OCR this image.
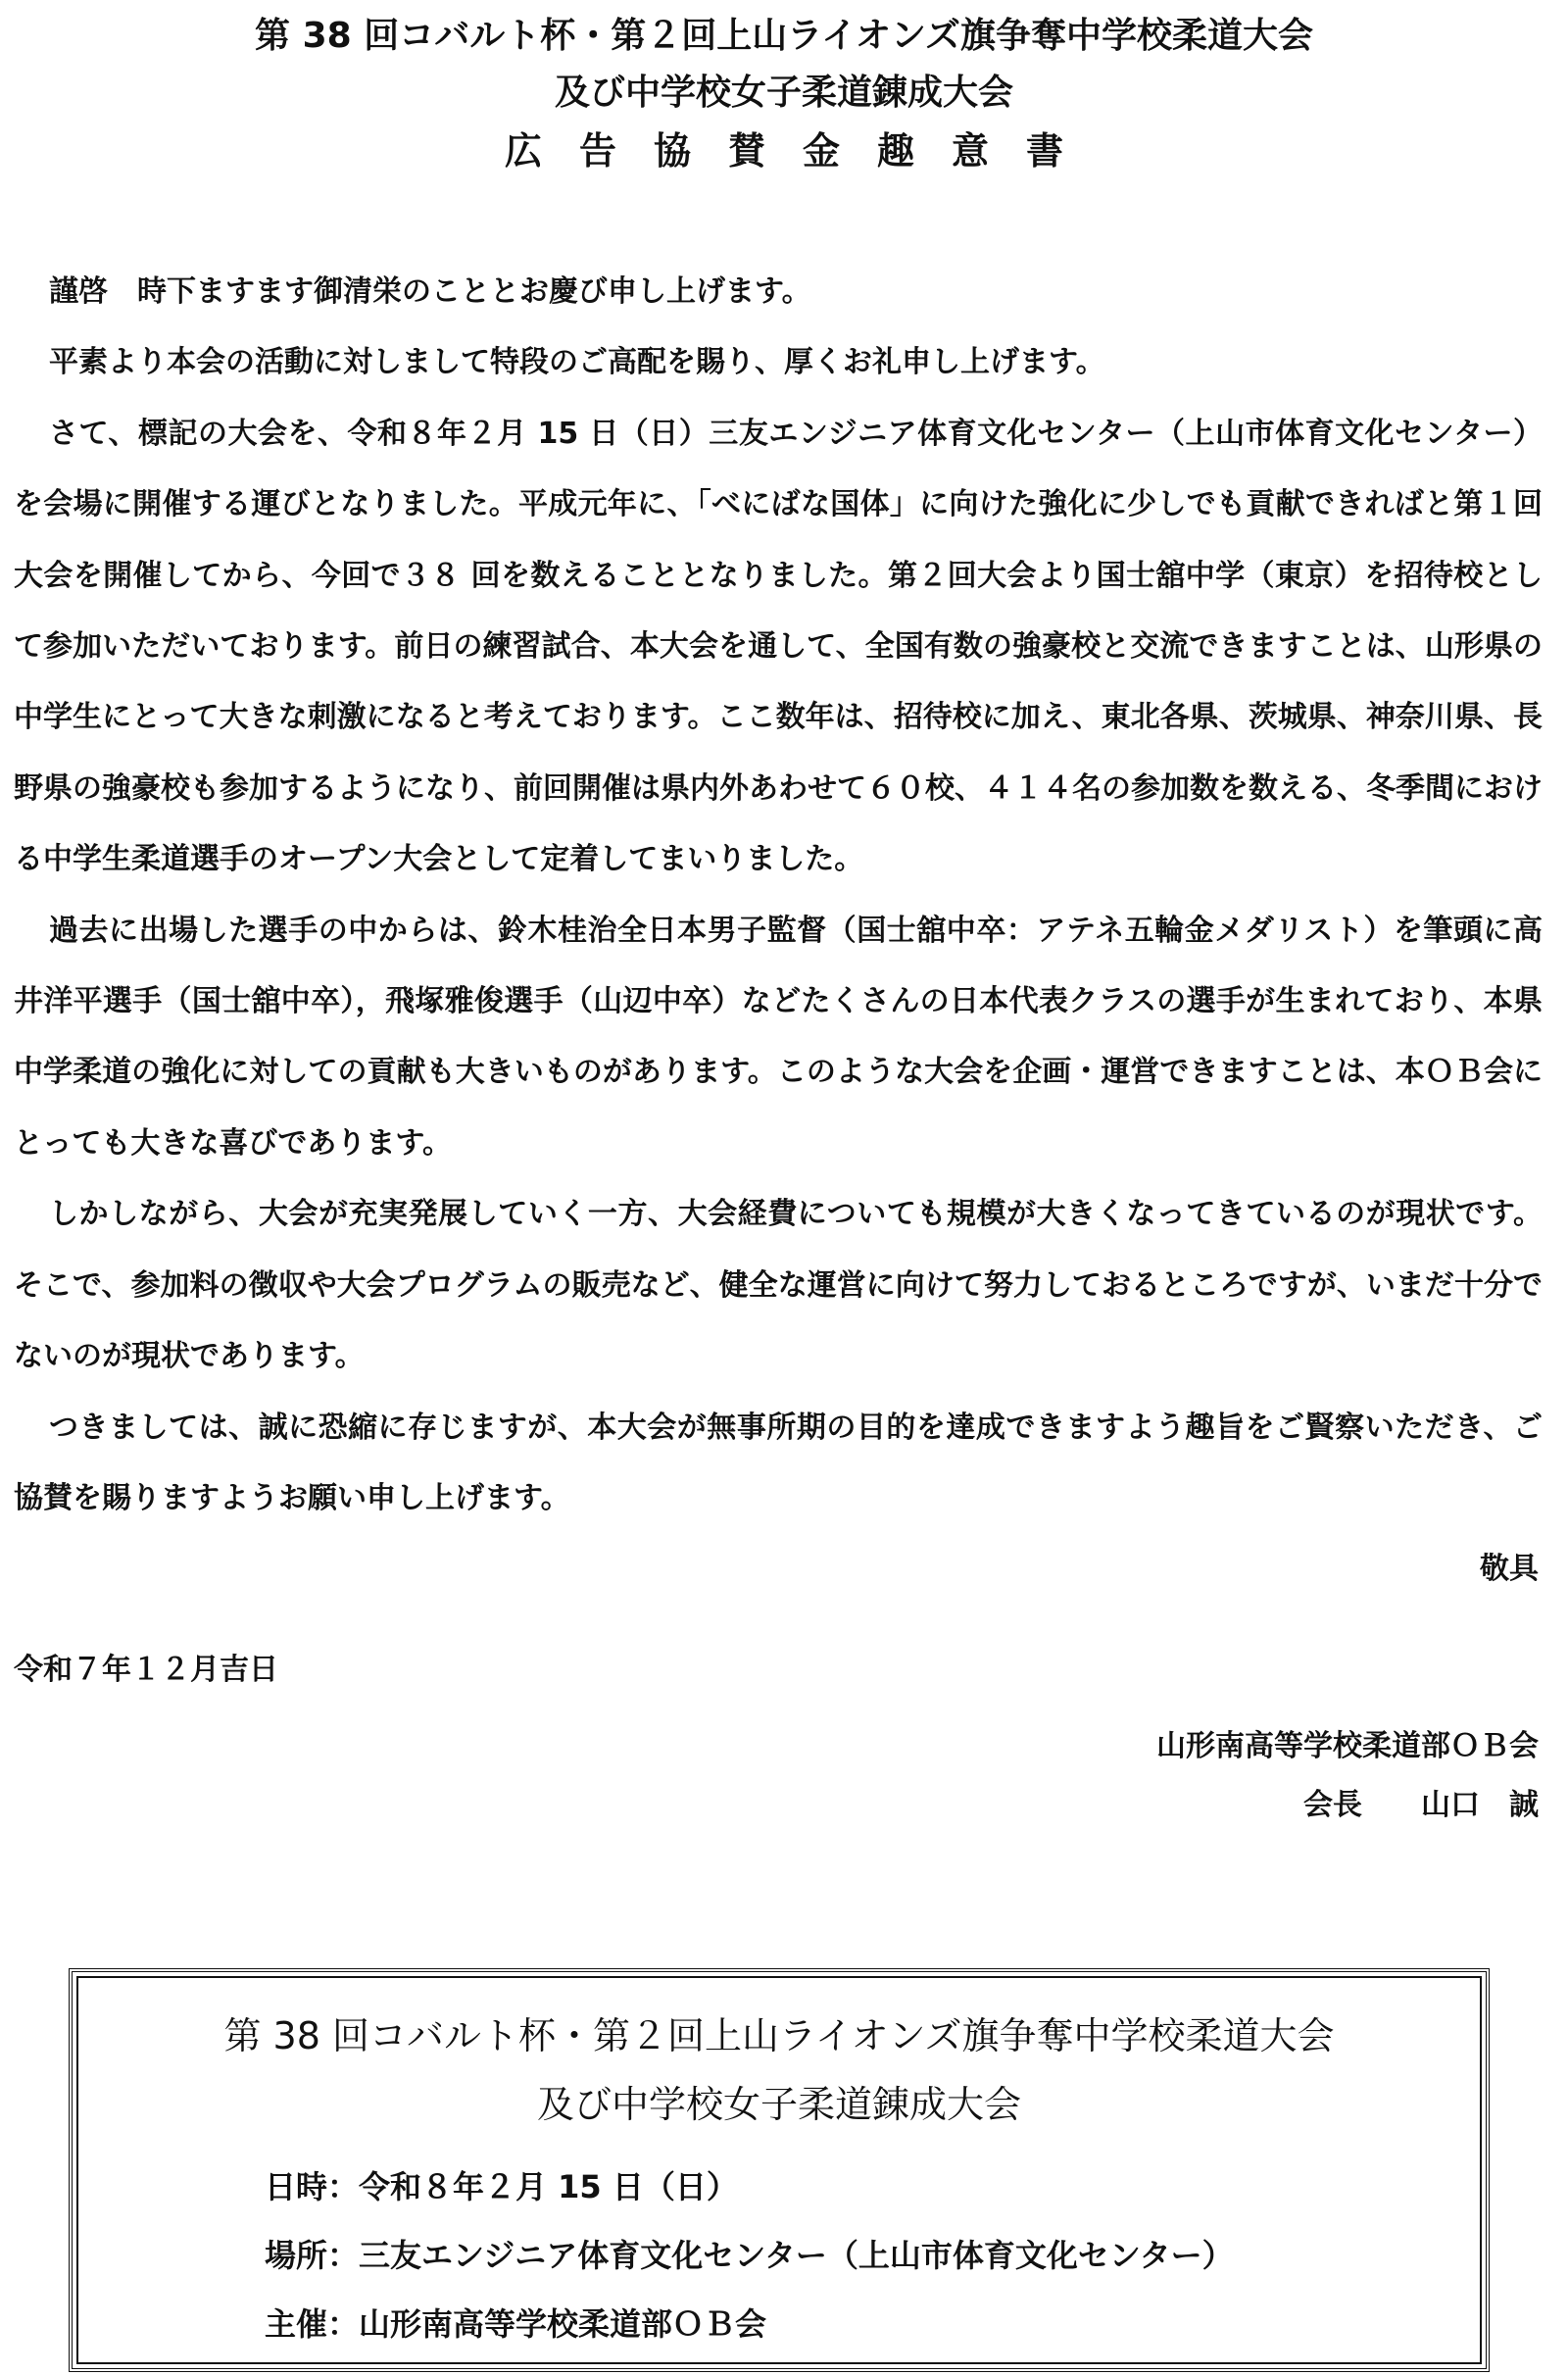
第 38 回コバルト杯・第２回上山ライオンズ旗争奪中学校柔道大会
及び中学校女子柔道錬成大会
広告協賛金趣意書

謹啓　時下ますます御清栄のこととお慶び申し上げます。

平素より本会の活動に対しまして特段のご高配を賜り、厚くお礼申し上げます。

さて、標記の大会を、令和８年２月 15 日（日）三友エンジニア体育文化センター（上山市体育文化センター）を会場に開催する運びとなりました。平成元年に、「べにばな国体」に向けた強化に少しでも貢献できればと第１回大会を開催してから、今回で３８ 回を数えることとなりました。第２回大会より国士舘中学（東京）を招待校として参加いただいております。前日の練習試合、本大会を通して、全国有数の強豪校と交流できますことは、山形県の中学生にとって大きな刺激になると考えております。ここ数年は、招待校に加え、東北各県、茨城県、神奈川県、長野県の強豪校も参加するようになり、前回開催は県内外あわせて６０校、４１４名の参加数を数える、冬季間における中学生柔道選手のオープン大会として定着してまいりました。

過去に出場した選手の中からは、鈴木桂治全日本男子監督（国士舘中卒：アテネ五輪金メダリスト）を筆頭に高井洋平選手（国士舘中卒），飛塚雅俊選手（山辺中卒）などたくさんの日本代表クラスの選手が生まれており、本県中学柔道の強化に対しての貢献も大きいものがあります。このような大会を企画・運営できますことは、本ＯＢ会にとっても大きな喜びであります。

しかしながら、大会が充実発展していく一方、大会経費についても規模が大きくなってきているのが現状です。そこで、参加料の徴収や大会プログラムの販売など、健全な運営に向けて努力しておるところですが、いまだ十分でないのが現状であります。

つきましては、誠に恐縮に存じますが、本大会が無事所期の目的を達成できますよう趣旨をご賢察いただき、ご協賛を賜りますようお願い申し上げます。

敬具

令和７年１２月吉日
山形南高等学校柔道部ＯＢ会
会長　　山口　誠
第 38 回コバルト杯・第２回上山ライオンズ旗争奪中学校柔道大会
及び中学校女子柔道錬成大会
日時：令和８年２月 15 日（日）
場所：三友エンジニア体育文化センター（上山市体育文化センター）
主催：山形南高等学校柔道部ＯＢ会
